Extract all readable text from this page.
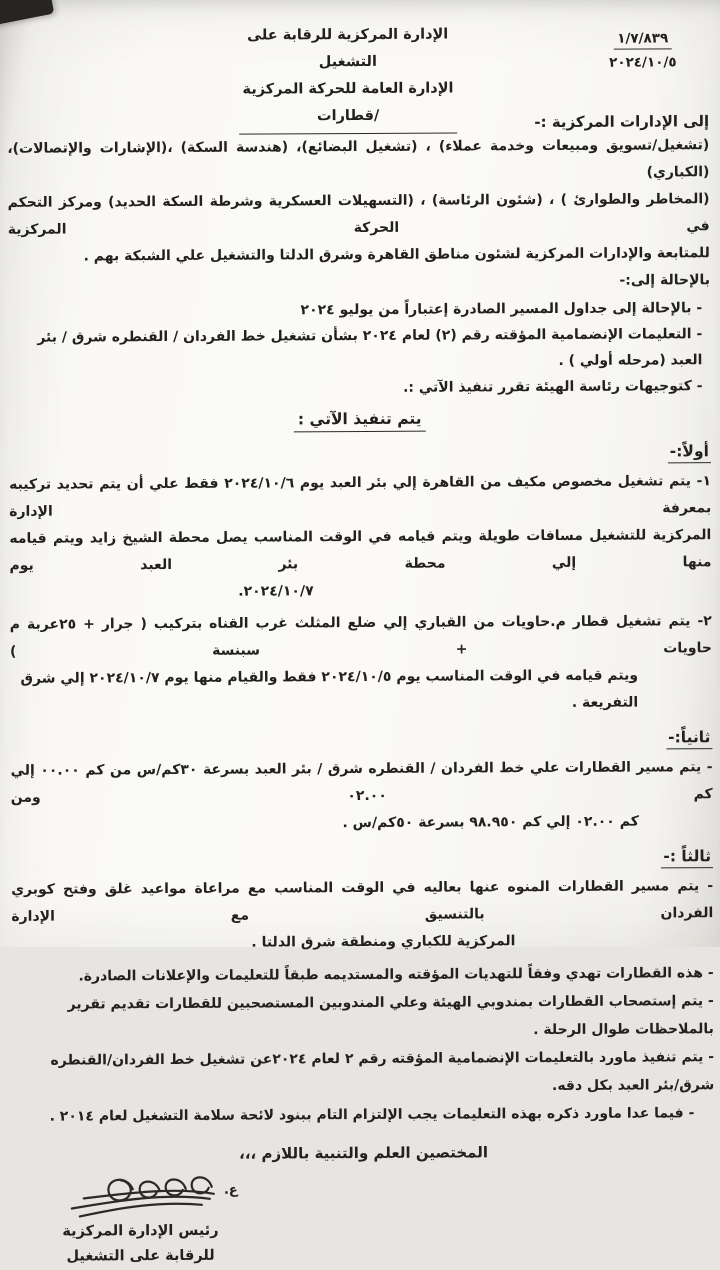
١/٧/٨٣٩
٢٠٢٤/١٠/٥
الإدارة المركزية للرقابة على التشغيل
الإدارة العامة للحركة المركزية /قطارات	إلى الإدارات المركزية :-
(تشغيل/تسويق ومبيعات وخدمة عملاء) ، (تشغيل البضائع)، (هندسة السكة) ،(الإشارات والإتصالات)،(الكباري)
(المخاطر والطوارئ ) ، (شئون الرئاسة) ، (التسهيلات العسكرية وشرطة السكة الحديد) ومركز التحكم في الحركة المركزية
للمتابعة والإدارات المركزية لشئون مناطق القاهرة وشرق الدلتا والتشغيل علي الشبكة بهم .
بالإحالة إلى:-
- بالإحالة إلى جداول المسير الصادرة إعتباراً من يوليو ٢٠٢٤
- التعليمات الإنضمامية المؤقته رقم (٢) لعام ٢٠٢٤ بشأن تشغيل خط الفردان / القنطره شرق / بئر العبد (مرحله أولي ) .
- كتوجيهات رئاسة الهيئة تقرر تنفيذ الآتي :.
يتم تنفيذ الآتي :
أولاً:-
١- يتم تشغيل مخصوص مكيف من القاهرة إلي بئر العبد يوم ٢٠٢٤/١٠/٦ فقط علي أن يتم تحديد تركيبه بمعرفة الإدارة
المركزية للتشغيل مسافات طويلة ويتم قيامه في الوقت المناسب يصل محطة الشيخ زايد ويتم قيامه منها إلي محطة بئر العبد يوم
٢٠٢٤/١٠/٧.
٢- يتم تشغيل قطار م.حاويات من القباري إلي ضلع المثلث غرب القناه بتركيب ( جرار + ٢٥عربة م حاويات + سبنسة )
ويتم قيامه في الوقت المناسب يوم ٢٠٢٤/١٠/٥ فقط والقيام منها يوم ٢٠٢٤/١٠/٧ إلي شرق التفريعة .
ثانياً:-
- يتم مسير القطارات علي خط الفردان / القنطره شرق / بئر العبد بسرعة ٣٠كم/س من كم ٠٠.٠٠ إلي كم ٠٢.٠٠ ومن
كم ٠٢.٠٠ إلي كم ٩٨.٩٥٠ بسرعة ٥٠كم/س .
ثالثاً :-
- يتم مسير القطارات المنوه عنها بعاليه في الوقت المناسب مع مراعاة مواعيد غلق وفتح كوبري الفردان بالتنسيق مع الإدارة
المركزية للكباري ومنطقة شرق الدلتا .
- هذه القطارات تهدي وفقاً للتهديات المؤقته والمستديمه طبقاً للتعليمات والإعلانات الصادرة.
- يتم إستصحاب القطارات بمندوبي الهيئة وعلي المندوبين المستصحبين للقطارات تقديم تقرير بالملاحظات طوال الرحلة .
- يتم تنفيذ ماورد بالتعليمات الإنضمامية المؤقته رقم ٢ لعام ٢٠٢٤عن تشغيل خط الفردان/القنطره شرق/بئر العبد بكل دقه.
- فيما عدا ماورد ذكره بهذه التعليمات يجب الإلتزام التام ببنود لائحة سلامة التشغيل لعام ٢٠١٤ .
المختصين العلم والتنبية باللازم ،،،
ع.
رئيس الإدارة المركزية
للرقابة على التشغيل
